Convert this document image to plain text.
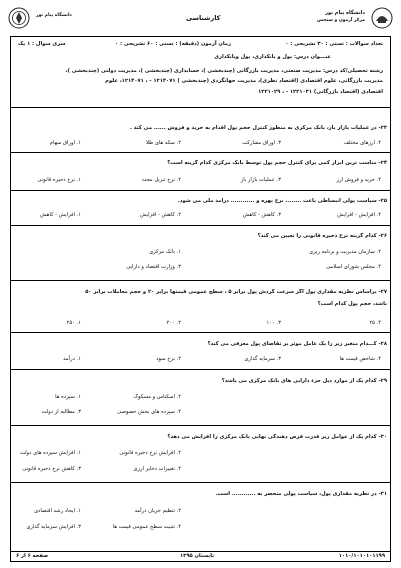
دانشگاه پیام نور	کارشناسی
دانشگاه پیام نور
مرکز آزمون و سنجش
تعداد سوالات : تستی : ۳۰ تشریحی : ۰
زمان آزمون (دقیقه) : تستی : ۶۰ تشریحی : ۰
سری سوال : ۱ یک
عنـــوان درس: پول و بانکداری، پول وبانکداری
رشته تحصیلی/کد درس: مدیریت صنعتی، مدیریت بازرگانی (چندبخشی )، حسابداری (چندبخشی )، مدیریت دولتی (چندبخشی )،
مدیریت بازرگانی، علوم اقتصادی (اقتصاد نظری)، مدیریت جهانگردی (چندبخشی ) ۱۲۱۴۰۷۱ - ، ۱۲۱۴۰۷۱، علوم
اقتصادی (اقتصاد بازرگانی) ۱۲۲۱۰۳۱ - ، ۱۲۲۱۰۲۹
۲۳- در عملیات بازار باز، بانک مرکزی به منظور کنترل حجم پول اقدام به خرید و فروش ...... می کند .
۱. اوراق سهام	۲. سکه های طلا	۳. اوراق مشارکت	۴. ارزهای مختلف
۲۴- مناسب ترین ابزار کمی برای کنترل حجم پول توسط بانک مرکزی کدام گزینه است؟
۱. نرخ ذخیره قانونی	۲. نرخ تنزیل مجدد	۳. عملیات بازار باز	۴. خرید و فروش ارز
۲۵- سیاست پولی انبساطی باعث ........ نرخ بهره و ............ درآمد ملی می شود.
۱. افزایش - کاهش	۲. کاهش - افزایش	۳. کاهش - کاهش	۴. افزایش - افزایش
۲۶- کدام گزینه نرخ ذخیره قانونی را تعیین می کند؟
۱. بانک مرکزی	۲. سازمان مدیریت و برنامه ریزی
۳. وزارت اقتصاد و دارایی	۴. مجلس شورای اسلامی
۲۷- براساس نظریه مقداری پول اگر سرعت گردش پول برابر ۵ ، سطح عمومی قیمتها برابر ۲۰ و حجم معاملات برابر ۵۰
باشد، حجم پول کدام است؟
۱. ۲۵۰	۲. ۲۰۰	۳. ۱۰۰	۴. ۲۵
۲۸- کـــدام متغیر زیر را یک عامل موثر بر تقاضای پول معرفی می کند؟
۱. درآمد	۲. نرخ سود	۳. سرمایه گذاری	۴. شاخص قیمت ها
۲۹- کدام یک از موارد ذیل جزء دارایی های بانک مرکزی می باشد؟
۱. سپرده ها	۲. اسکناس و مسکوک
۳. مطالبه از دولت	۴. سپرده های بخش خصوصی
۳۰- کدام یک از عوامل زیر قدرت قرض دهندگی نهایی بانک مرکزی را افزایش می دهد؟
۱. افزایش سپرده های دولت	۲. افزایش نرخ ذخیره قانونی
۳. کاهش نرخ ذخیره قانونی	۴. تغییرات ذخایر ارزی
۳۱- در نظریه مقداری پول، سیاست پولی منحصر به ............ است.
۱. ایجاد رشد اقتصادی	۲. تنظیم جریان درآمد
۳. افزایش سرمایه گذاری	۴. تثبیت سطح عمومی قیمت ها
صفحه ۶ از ۶	تابستان ۱۳۹۵	۱۰۱۰/۱۰۱۰۱۰۱۱۹۹
